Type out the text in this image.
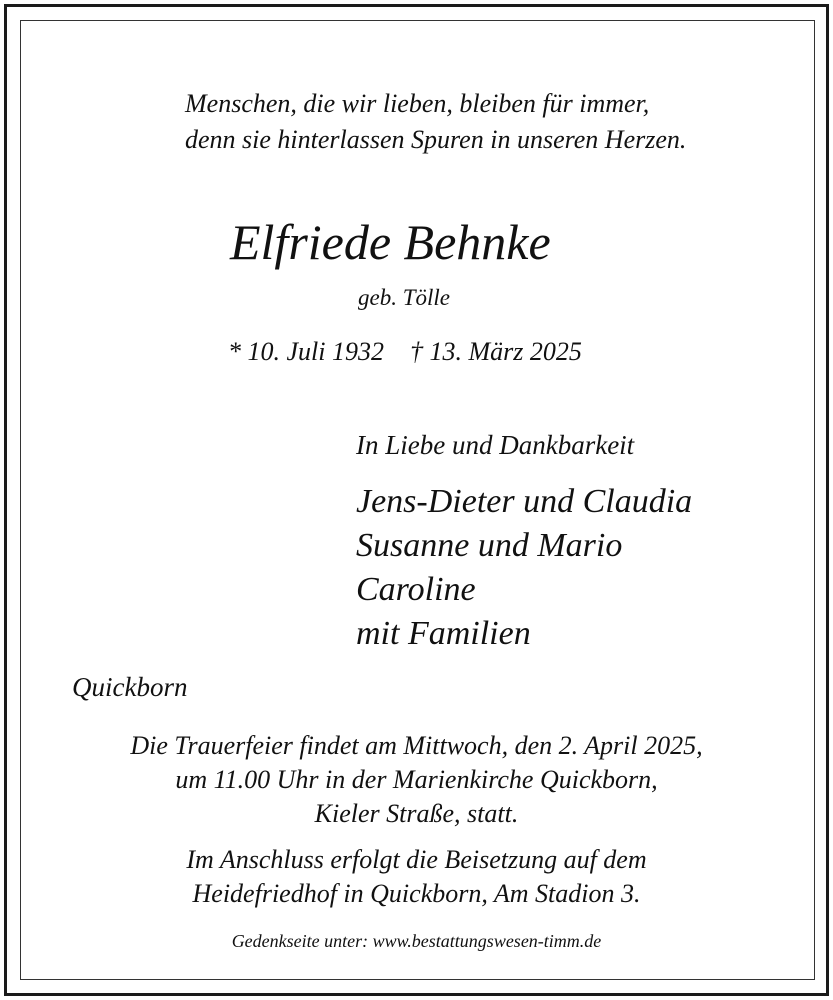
Menschen, die wir lieben, bleiben für immer,

denn sie hinterlassen Spuren in unseren Herzen.

Elfriede Behnke

geb. Tölle

* 10. Juli 1932 † 13. März 2025

In Liebe und Dankbarkeit

Jens-Dieter und Claudia

Susanne und Mario

Caroline

mit Familien

Quickborn

Die Trauerfeier findet am Mittwoch, den 2. April 2025,

um 11.00 Uhr in der Marienkirche Quickborn,

Kieler Straße, statt.

Im Anschluss erfolgt die Beisetzung auf dem

Heidefriedhof in Quickborn, Am Stadion 3.

Gedenkseite unter: www.bestattungswesen-timm.de
